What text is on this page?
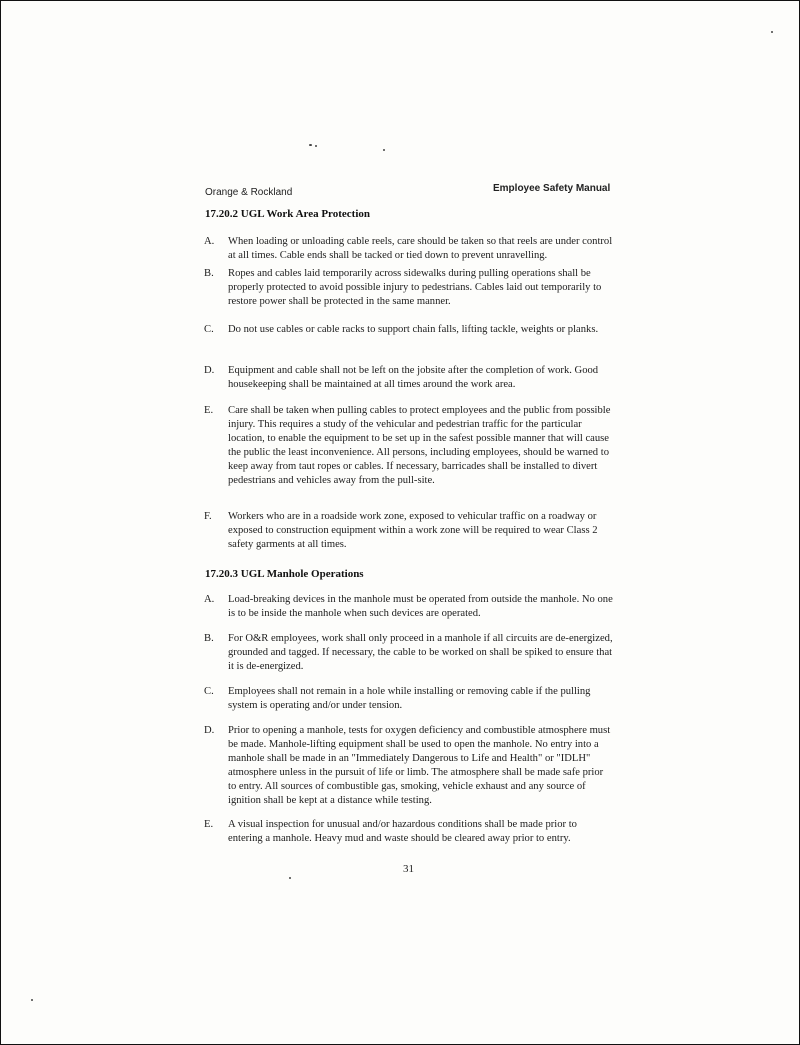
Orange & Rockland	Employee Safety Manual
17.20.2 UGL Work Area Protection
A.	When loading or unloading cable reels, care should be taken so that reels are under control at all times. Cable ends shall be tacked or tied down to prevent unravelling.
B.	Ropes and cables laid temporarily across sidewalks during pulling operations shall be properly protected to avoid possible injury to pedestrians. Cables laid out temporarily to restore power shall be protected in the same manner.
C.	Do not use cables or cable racks to support chain falls, lifting tackle, weights or planks.
D.	Equipment and cable shall not be left on the jobsite after the completion of work. Good housekeeping shall be maintained at all times around the work area.
E.	Care shall be taken when pulling cables to protect employees and the public from possible injury. This requires a study of the vehicular and pedestrian traffic for the particular location, to enable the equipment to be set up in the safest possible manner that will cause the public the least inconvenience. All persons, including employees, should be warned to keep away from taut ropes or cables. If necessary, barricades shall be installed to divert pedestrians and vehicles away from the pull-site.
F.	Workers who are in a roadside work zone, exposed to vehicular traffic on a roadway or exposed to construction equipment within a work zone will be required to wear Class 2 safety garments at all times.
17.20.3 UGL Manhole Operations
A.	Load-breaking devices in the manhole must be operated from outside the manhole. No one is to be inside the manhole when such devices are operated.
B.	For O&R employees, work shall only proceed in a manhole if all circuits are de-energized, grounded and tagged. If necessary, the cable to be worked on shall be spiked to ensure that it is de-energized.
C.	Employees shall not remain in a hole while installing or removing cable if the pulling system is operating and/or under tension.
D.	Prior to opening a manhole, tests for oxygen deficiency and combustible atmosphere must be made. Manhole-lifting equipment shall be used to open the manhole. No entry into a manhole shall be made in an "Immediately Dangerous to Life and Health" or "IDLH" atmosphere unless in the pursuit of life or limb. The atmosphere shall be made safe prior to entry. All sources of combustible gas, smoking, vehicle exhaust and any source of ignition shall be kept at a distance while testing.
E.	A visual inspection for unusual and/or hazardous conditions shall be made prior to entering a manhole. Heavy mud and waste should be cleared away prior to entry.
31
